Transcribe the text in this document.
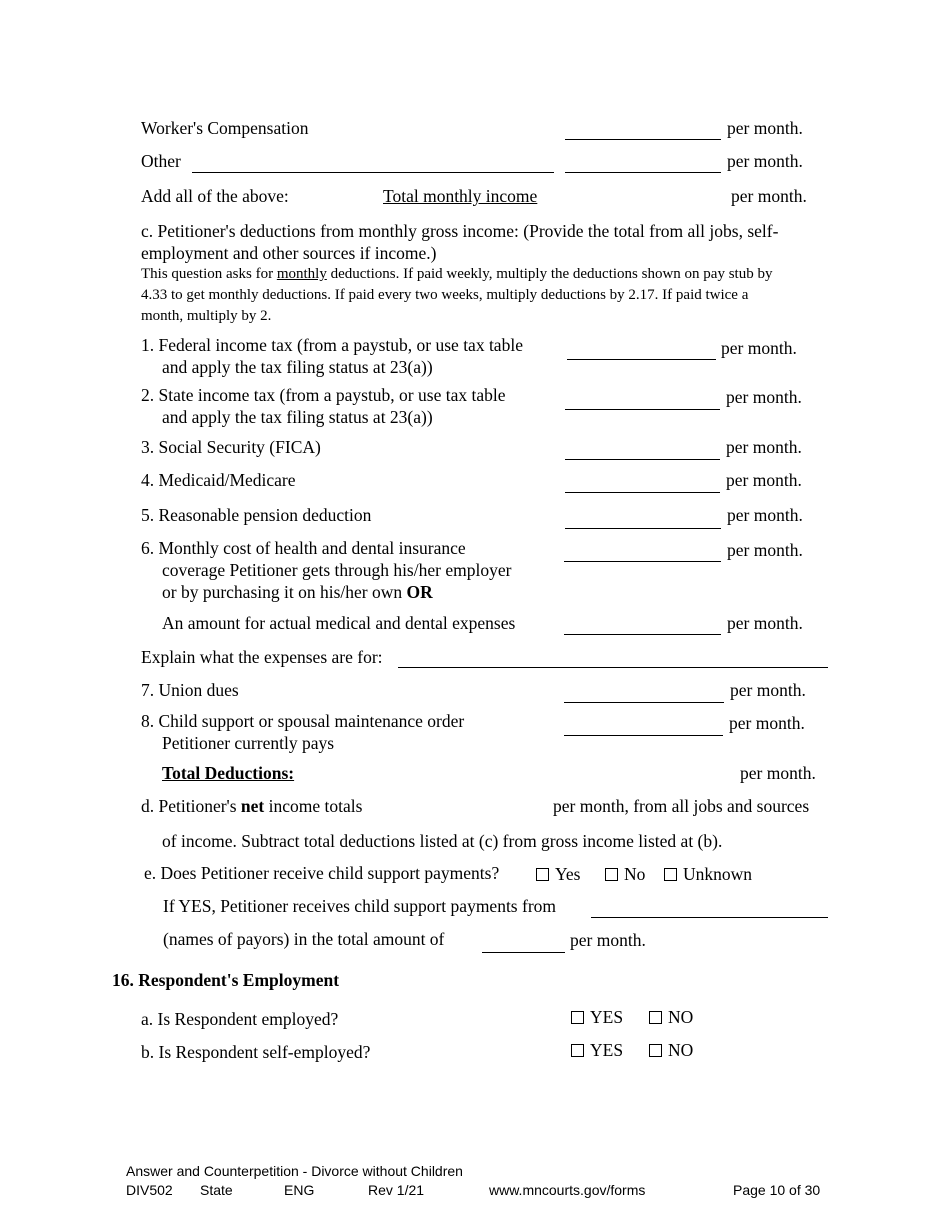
Worker's Compensation	per month.
Other	per month.
Add all of the above:	Total monthly income	per month.
c. Petitioner's deductions from monthly gross income: (Provide the total from all jobs, self-
employment and other sources if income.)
This question asks for monthly deductions. If paid weekly, multiply the deductions shown on pay stub by
4.33 to get monthly deductions. If paid every two weeks, multiply deductions by 2.17. If paid twice a
month, multiply by 2.
1. Federal income tax (from a paystub, or use tax table
and apply the tax filing status at 23(a))
per month.
2. State income tax (from a paystub, or use tax table
and apply the tax filing status at 23(a))
per month.
3. Social Security (FICA)	per month.
4. Medicaid/Medicare	per month.
5. Reasonable pension deduction	per month.
6. Monthly cost of health and dental insurance
coverage Petitioner gets through his/her employer
or by purchasing it on his/her own OR
per month.
An amount for actual medical and dental expenses	per month.
Explain what the expenses are for:
7. Union dues	per month.
8. Child support or spousal maintenance order
Petitioner currently pays
per month.
Total Deductions:	per month.
d. Petitioner's net income totals	per month, from all jobs and sources
of income. Subtract total deductions listed at (c) from gross income listed at (b).
e. Does Petitioner receive child support payments?	Yes No Unknown
If YES, Petitioner receives child support payments from
(names of payors) in the total amount of	per month.
16. Respondent's Employment
a. Is Respondent employed?	YES	NO
b. Is Respondent self-employed?	YES	NO
Answer and Counterpetition - Divorce without Children
DIV502 State	ENG	Rev 1/21	www.mncourts.gov/forms	Page 10 of 30
